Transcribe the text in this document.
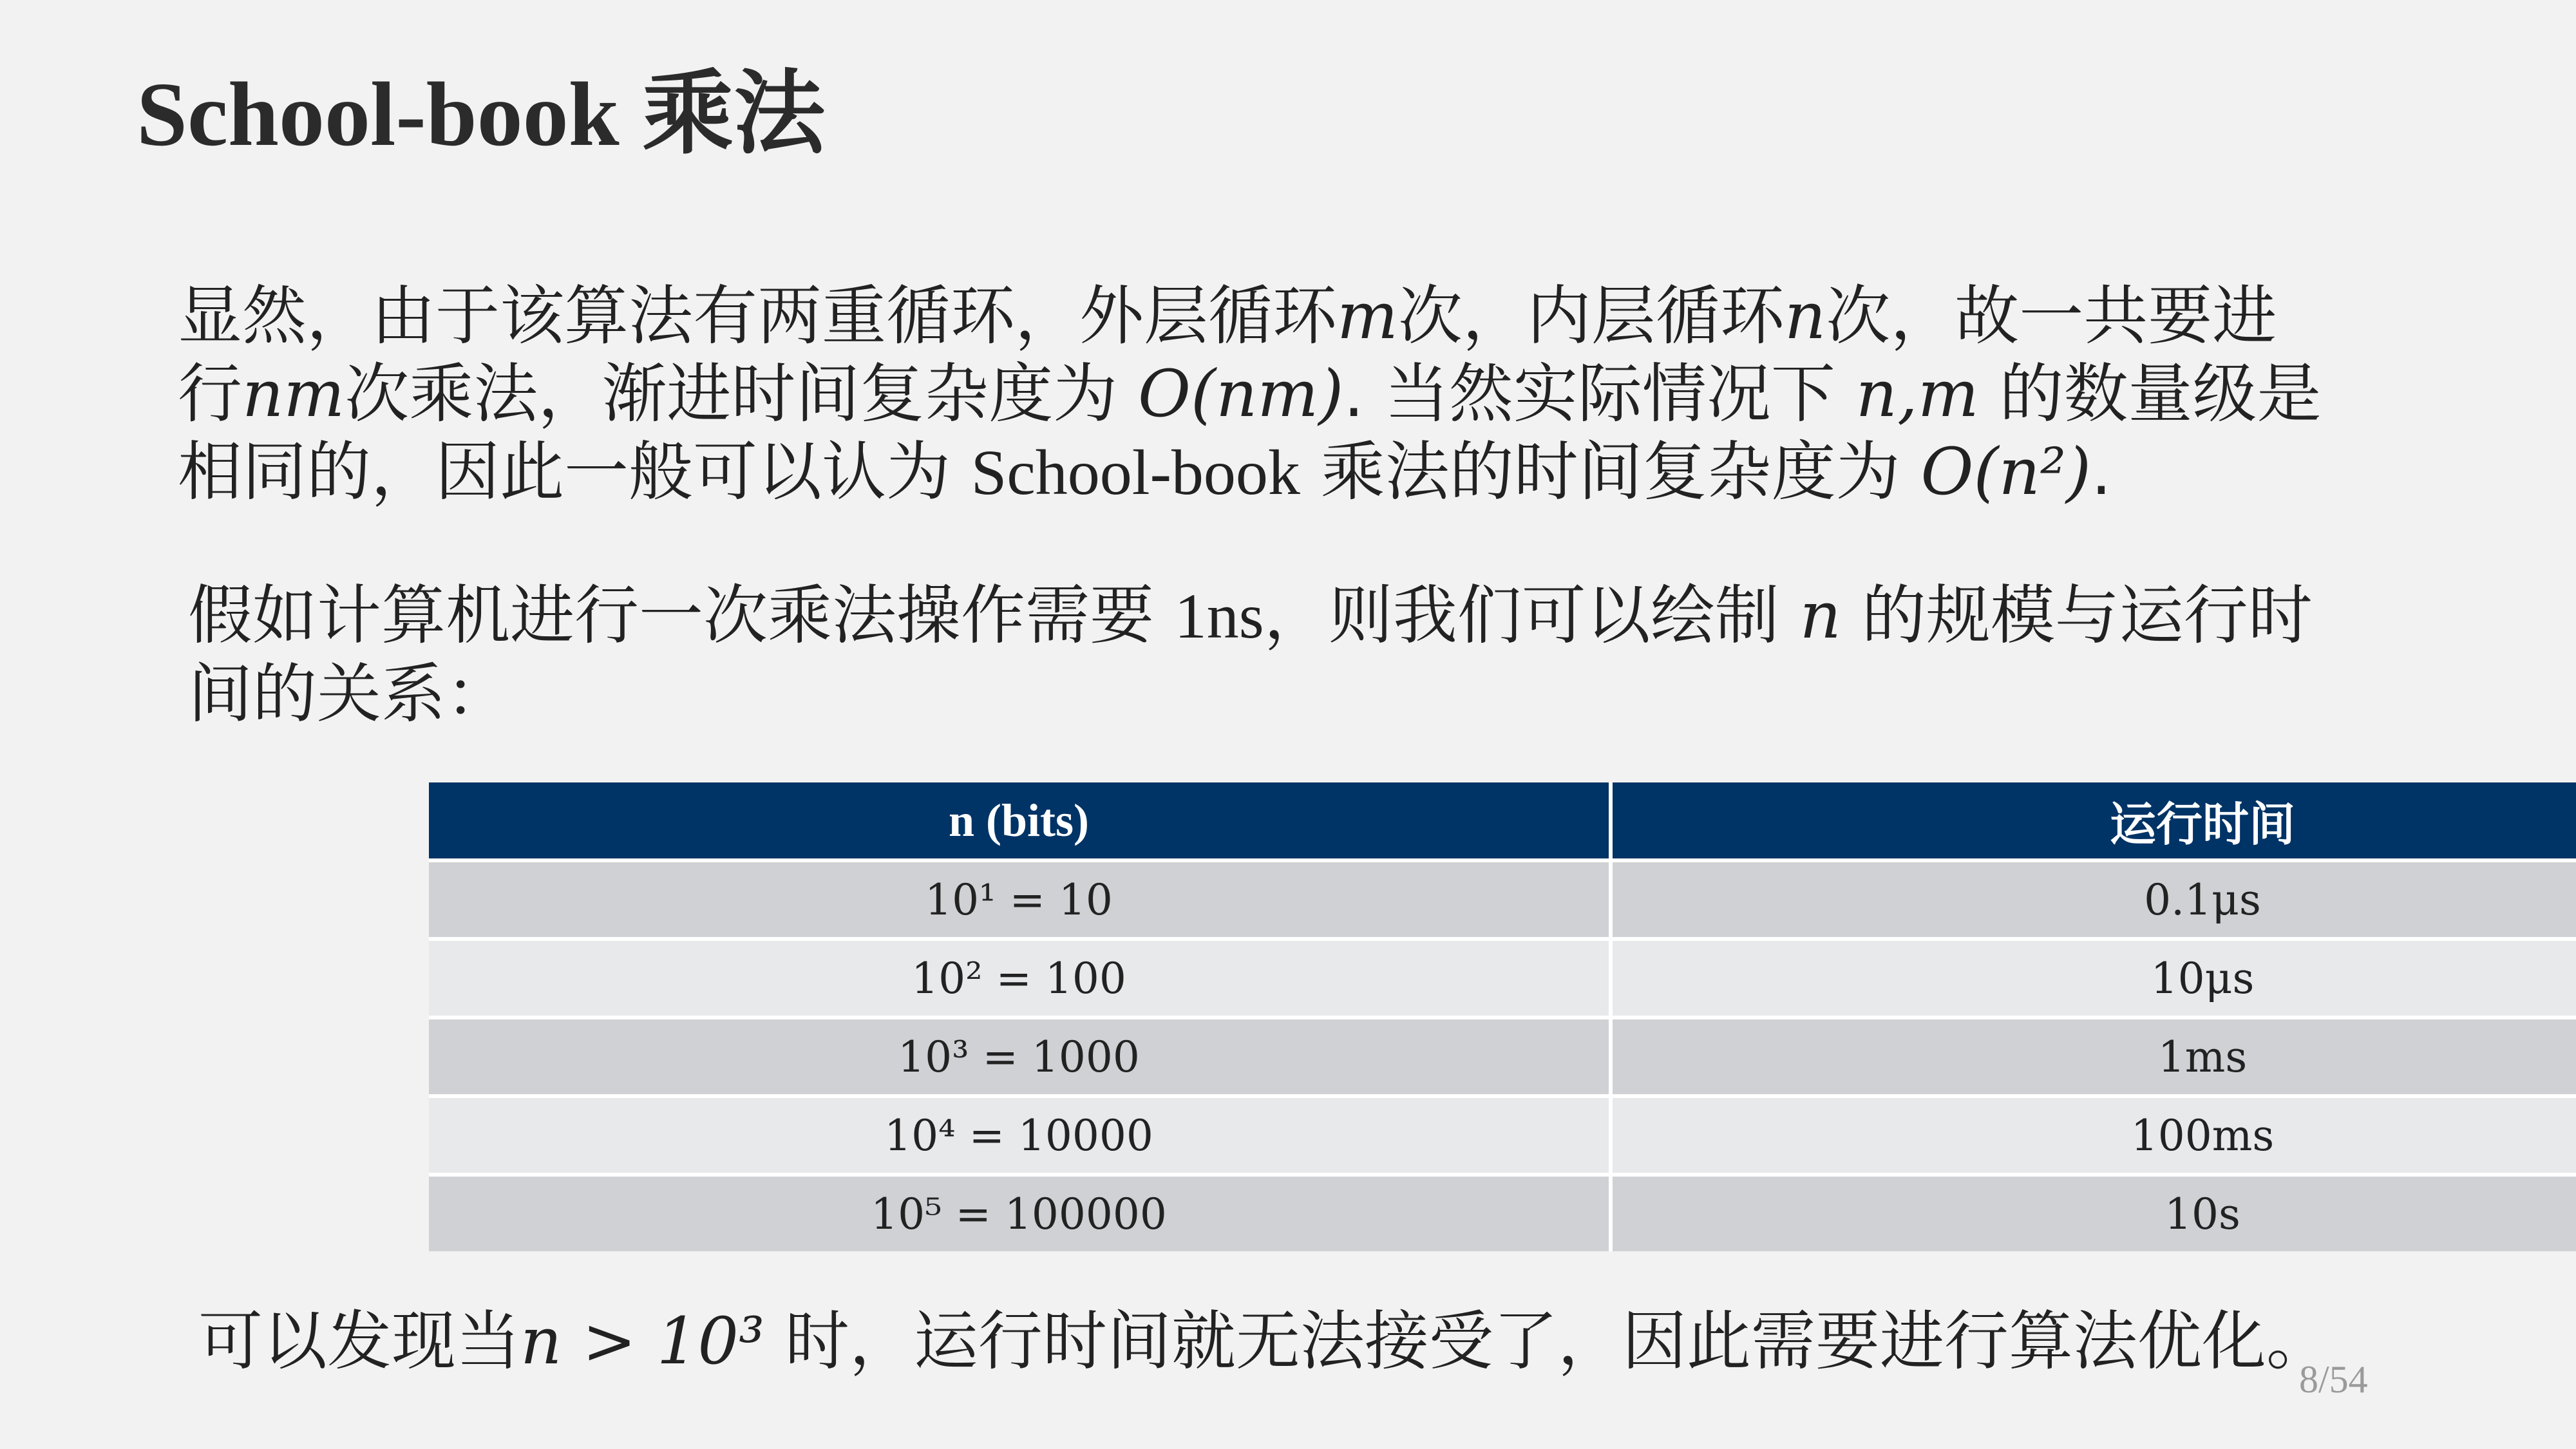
School-book 乘法
显然，由于该算法有两重循环，外层循环m次，内层循环n次，故一共要进
行nm次乘法，渐进时间复杂度为 O(nm). 当然实际情况下 n,m 的数量级是
相同的，因此一般可以认为 School-book 乘法的时间复杂度为 O(n²).
假如计算机进行一次乘法操作需要 1ns，则我们可以绘制 n 的规模与运行时
间的关系：
n (bits)	运行时间
10¹ = 10	0.1μs
10² = 100	10μs
10³ = 1000	1ms
10⁴ = 10000	100ms
10⁵ = 100000	10s
可以发现当n > 10³ 时，运行时间就无法接受了，因此需要进行算法优化。
8/54
